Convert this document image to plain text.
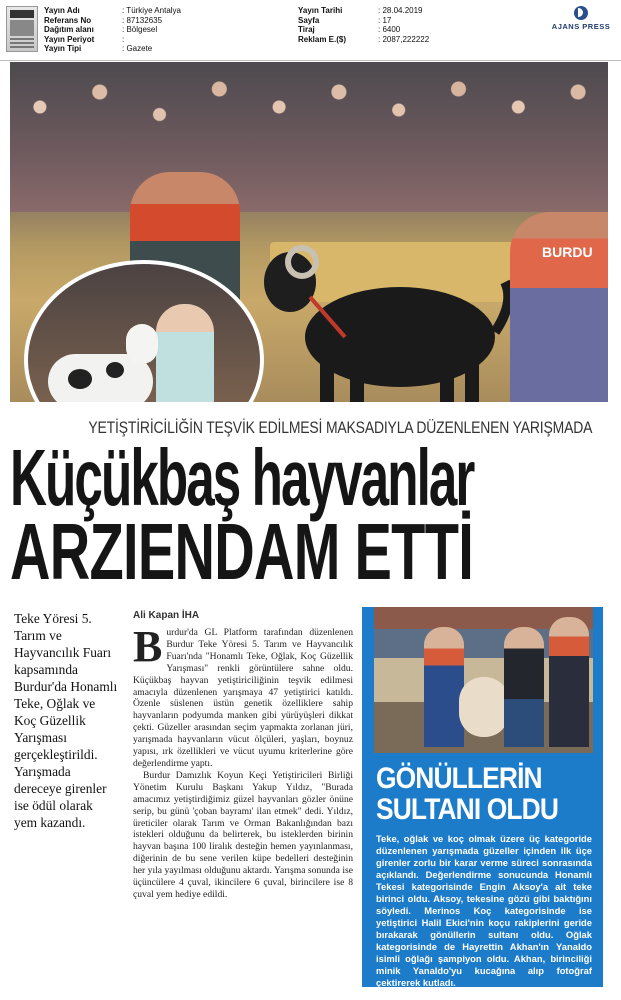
Yayın Adı	: Türkiye Antalya
Referans No	: 87132635
Dağıtım alanı	: Bölgesel
Yayın Periyot	:
Yayın Tipi	: Gazete
Yayın Tarihi	: 28.04.2019
Sayfa	: 17
Tiraj	: 6400
Reklam E.($)	: 2087,222222
AJANS PRESS
BURDU
YETİŞTİRİCİLİĞİN TEŞVİK EDİLMESİ MAKSADIYLA DÜZENLENEN YARIŞMADA
Küçükbaş hayvanlar
ARZIENDAM ETTİ
Teke Yöresi 5. Tarım ve Hayvancılık Fuarı kapsamında Burdur'da Honamlı Teke, Oğlak ve Koç Güzellik Yarışması gerçekleştirildi. Yarışmada dereceye girenler ise ödül olarak yem kazandı.
Ali Kapan İHA

Burdur'da GL Platform tarafından düzenlenen Burdur Teke Yöresi 5. Tarım ve Hayvancılık Fuarı'nda "Honamlı Teke, Oğlak, Koç Güzellik Yarışması" renkli görüntülere sahne oldu. Küçükbaş hayvan yetiştiriciliğinin teşvik edilmesi amacıyla düzenlenen yarışmaya 47 yetiştirici katıldı. Özenle süslenen üstün genetik özelliklere sahip hayvanların podyumda manken gibi yürüyüşleri dikkat çekti. Güzeller arasından seçim yapmakta zorlanan jüri, yarışmada hayvanların vücut ölçüleri, yaşları, boynuz yapısı, ırk özellikleri ve vücut uyumu kriterlerine göre değerlendirme yaptı.

Burdur Damızlık Koyun Keçi Yetiştiricileri Birliği Yönetim Kurulu Başkanı Yakup Yıldız, "Burada amacımız yetiştirdiğimiz güzel hayvanları gözler önüne serip, bu günü 'çoban bayramı' ilan etmek" dedi. Yıldız, üreticiler olarak Tarım ve Orman Bakanlığından bazı istekleri olduğunu da belirterek, bu isteklerden birinin hayvan başına 100 liralık desteğin hemen yayınlanması, diğerinin de bu sene verilen küpe bedelleri desteğinin her yıla yayılması olduğunu aktardı. Yarışma sonunda ise üçüncülere 4 çuval, ikincilere 6 çuval, birincilere ise 8 çuval yem hediye edildi.

GÖNÜLLERİN
SULTANI OLDU
Teke, oğlak ve koç olmak üzere üç kategoride düzenlenen yarışmada güzeller içinden ilk üçe girenler zorlu bir karar verme süreci sonrasında açıklandı. Değerlendirme sonucunda Honamlı Tekesi kategorisinde Engin Aksoy'a ait teke birinci oldu. Aksoy, tekesine gözü gibi baktığını söyledi. Merinos Koç kategorisinde ise yetiştirici Halil Ekici'nin koçu rakiplerini geride bırakarak gönüllerin sultanı oldu. Oğlak kategorisinde de Hayrettin Akhan'ın Yanaldo isimli oğlağı şampiyon oldu. Akhan, birinciliği minik Yanaldo'yu kucağına alıp fotoğraf çektirerek kutladı.
